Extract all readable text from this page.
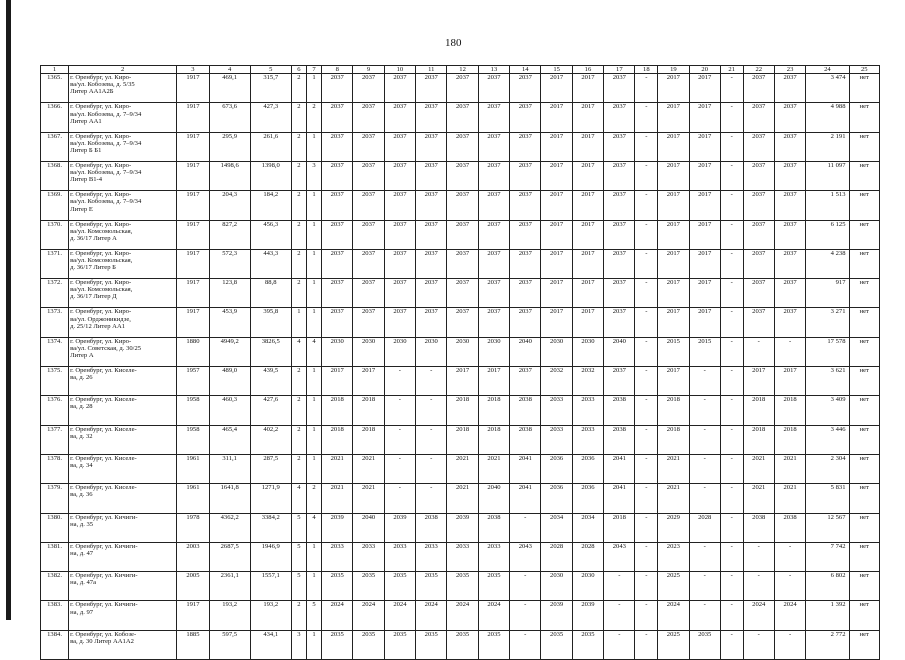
180
1	2	3	4	5	6	7	8	9	10	11	12	13	14	15	16	17	18	19	20	21	22	23	24	25
1365.	г. Оренбург, ул. Киро-
ва/ул. Кобозева, д. 5/35
Литер АА1А2Б	1917	469,1	315,7	2	1	2037	2037	2037	2037	2037	2037	2037	2017	2017	2037	-	2017	2017	-	2037	2037	3 474	нет
1366.	г. Оренбург, ул. Киро-
ва/ул. Кобозева, д. 7–9/34
Литер АА1	1917	673,6	427,3	2	2	2037	2037	2037	2037	2037	2037	2037	2017	2017	2037	-	2017	2017	-	2037	2037	4 988	нет
1367.	г. Оренбург, ул. Киро-
ва/ул. Кобозева, д. 7–9/34
Литер Б Б1	1917	295,9	261,6	2	1	2037	2037	2037	2037	2037	2037	2037	2017	2017	2037	-	2017	2017	-	2037	2037	2 191	нет
1368.	г. Оренбург, ул. Киро-
ва/ул. Кобозева, д. 7–9/34
Литер В1-4	1917	1498,6	1398,0	2	3	2037	2037	2037	2037	2037	2037	2037	2017	2017	2037	-	2017	2017	-	2037	2037	11 097	нет
1369.	г. Оренбург, ул. Киро-
ва/ул. Кобозева, д. 7–9/34
Литер Е	1917	204,3	184,2	2	1	2037	2037	2037	2037	2037	2037	2037	2017	2017	2037	-	2017	2017	-	2037	2037	1 513	нет
1370.	г. Оренбург, ул. Киро-
ва/ул. Комсомольская,
д. 36/17 Литер А	1917	827,2	456,3	2	1	2037	2037	2037	2037	2037	2037	2037	2017	2017	2037	-	2017	2017	-	2037	2037	6 125	нет
1371.	г. Оренбург, ул. Киро-
ва/ул. Комсомольская,
д. 36/17 Литер Б	1917	572,3	443,3	2	1	2037	2037	2037	2037	2037	2037	2037	2017	2017	2037	-	2017	2017	-	2037	2037	4 238	нет
1372.	г. Оренбург, ул. Киро-
ва/ул. Комсомольская,
д. 36/17 Литер Д	1917	123,8	88,8	2	1	2037	2037	2037	2037	2037	2037	2037	2017	2017	2037	-	2017	2017	-	2037	2037	917	нет
1373.	г. Оренбург, ул. Киро-
ва/ул. Орджоникидзе,
д. 25/12 Литер АА1	1917	453,9	395,8	1	1	2037	2037	2037	2037	2037	2037	2037	2017	2017	2037	-	2017	2017	-	2037	2037	3 271	нет
1374.	г. Оренбург, ул. Киро-
ва/ул. Советская, д. 30/25
Литер А	1880	4949,2	3826,5	4	4	2030	2030	2030	2030	2030	2030	2040	2030	2030	2040	-	2015	2015	-	-	-	17 578	нет
1375.	г. Оренбург, ул. Киселе-
ва, д. 26	1957	489,0	439,5	2	1	2017	2017	-	-	2017	2017	2037	2032	2032	2037	-	2017	-	-	2017	2017	3 621	нет
1376.	г. Оренбург, ул. Киселе-
ва, д. 28	1958	460,3	427,6	2	1	2018	2018	-	-	2018	2018	2038	2033	2033	2038	-	2018	-	-	2018	2018	3 409	нет
1377.	г. Оренбург, ул. Киселе-
ва, д. 32	1958	465,4	402,2	2	1	2018	2018	-	-	2018	2018	2038	2033	2033	2038	-	2018	-	-	2018	2018	3 446	нет
1378.	г. Оренбург, ул. Киселе-
ва, д. 34	1961	311,1	287,5	2	1	2021	2021	-	-	2021	2021	2041	2036	2036	2041	-	2021	-	-	2021	2021	2 304	нет
1379.	г. Оренбург, ул. Киселе-
ва, д. 36	1961	1641,8	1271,9	4	2	2021	2021	-	-	2021	2040	2041	2036	2036	2041	-	2021	-	-	2021	2021	5 831	нет
1380.	г. Оренбург, ул. Кичиги-
на, д. 35	1978	4362,2	3384,2	5	4	2039	2040	2039	2038	2039	2038	-	2034	2034	2018	-	2029	2028	-	2038	2038	12 567	нет
1381.	г. Оренбург, ул. Кичиги-
на, д. 47	2003	2687,5	1946,9	5	1	2033	2033	2033	2033	2033	2033	2043	2028	2028	2043	-	2023	-	-	-	-	7 742	нет
1382.	г. Оренбург, ул. Кичиги-
на, д. 47а	2005	2361,1	1557,1	5	1	2035	2035	2035	2035	2035	2035	-	2030	2030	-	-	2025	-	-	-	-	6 802	нет
1383.	г. Оренбург, ул. Кичиги-
на, д. 97	1917	193,2	193,2	2	5	2024	2024	2024	2024	2024	2024	-	2039	2039	-	-	2024	-	-	2024	2024	1 392	нет
1384.	г. Оренбург, ул. Кобозе-
ва, д. 30 Литер АА1А2	1885	597,5	434,1	3	1	2035	2035	2035	2035	2035	2035	-	2035	2035	-	-	2025	2035	-	-	-	2 772	нет
